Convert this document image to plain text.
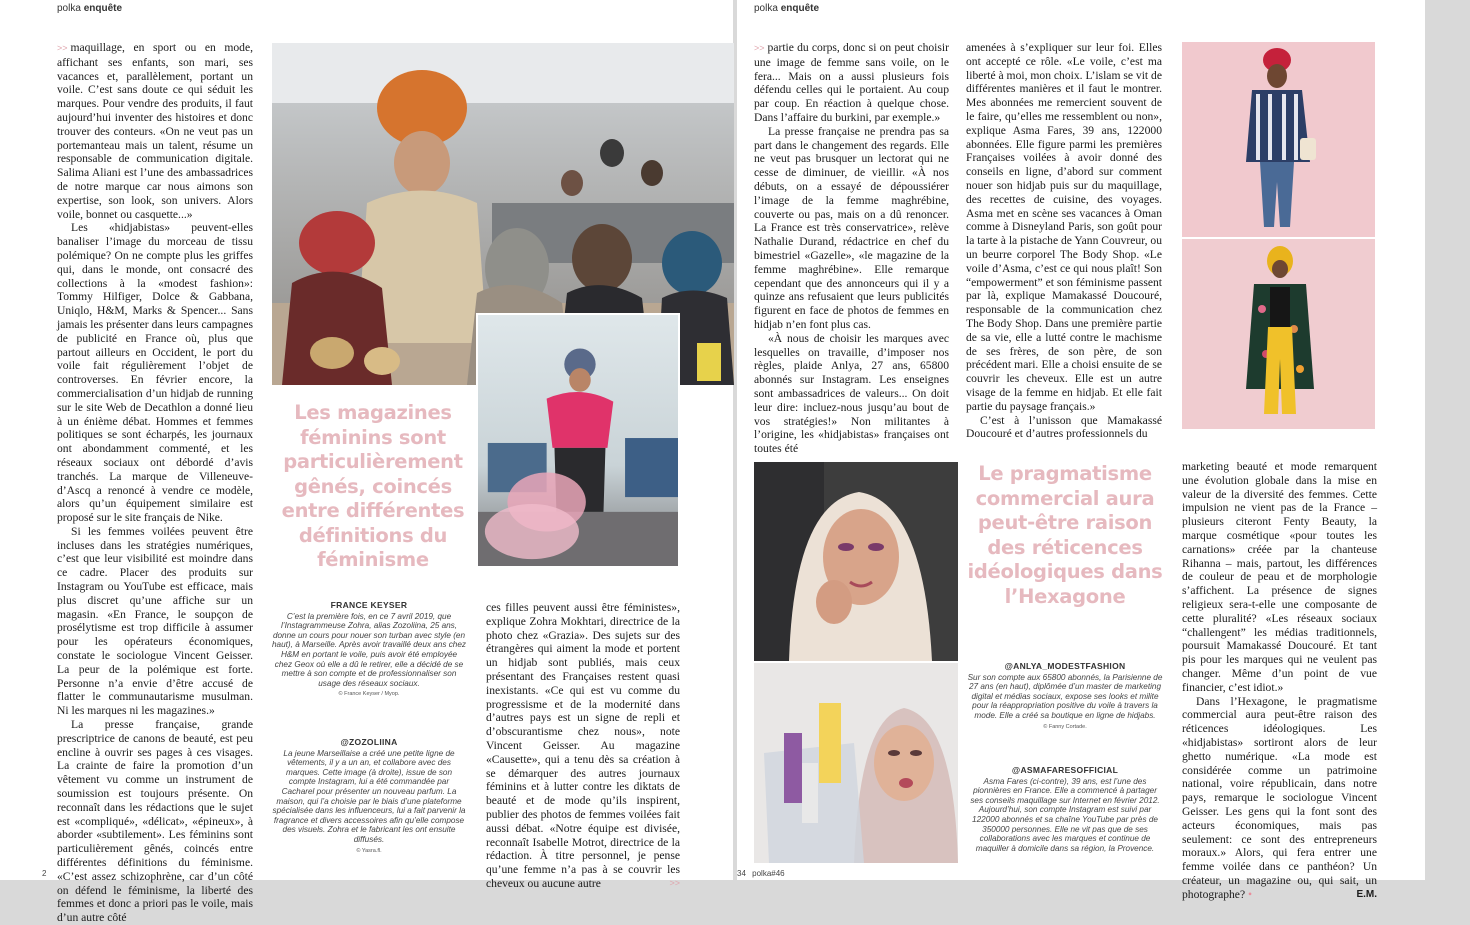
polka enquête

>> maquillage, en sport ou en mode, affichant ses enfants, son mari, ses vacances et, parallèlement, portant un voile. C’est sans doute ce qui séduit les marques. Pour vendre des produits, il faut aujourd’hui inventer des histoires et donc trouver des conteurs. «On ne veut pas un portemanteau mais un talent, résume un responsable de communication digitale. Salima Aliani est l’une des ambassadrices de notre marque car nous aimons son expertise, son look, son univers. Alors voile, bonnet ou casquette...»

Les «hidjabistas» peuvent-elles banaliser l’image du morceau de tissu polémique? On ne compte plus les griffes qui, dans le monde, ont consacré des collections à la «modest fashion»: Tommy Hilfiger, Dolce & Gabbana, Uniqlo, H&M, Marks & Spencer... Sans jamais les présenter dans leurs campagnes de publicité en France où, plus que partout ailleurs en Occident, le port du voile fait régulièrement l’objet de controverses. En février encore, la commercialisation d’un hidjab de running sur le site Web de Decathlon a donné lieu à un énième débat. Hommes et femmes politiques se sont écharpés, les journaux ont abondamment commenté, et les réseaux sociaux ont débordé d’avis tranchés. La marque de Villeneuve-d’Ascq a renoncé à vendre ce modèle, alors qu’un équipement similaire est proposé sur le site français de Nike.

Si les femmes voilées peuvent être incluses dans les stratégies numériques, c’est que leur visibilité est moindre dans ce cadre. Placer des produits sur Instagram ou YouTube est efficace, mais plus discret qu’une affiche sur un magasin. «En France, le soupçon de prosélytisme est trop difficile à assumer pour les opérateurs économiques, constate le sociologue Vincent Geisser. La peur de la polémique est forte. Personne n’a envie d’être accusé de flatter le communautarisme musulman. Ni les marques ni les magazines.»

La presse française, grande prescriptrice de canons de beauté, est peu encline à ouvrir ses pages à ces visages. La crainte de faire la promotion d’un vêtement vu comme un instrument de soumission est toujours présente. On reconnaît dans les rédactions que le sujet est «compliqué», «délicat», «épineux», à aborder «subtilement». Les féminins sont particulièrement gênés, coincés entre différentes définitions du féminisme. «C’est assez schizophrène, car d’un côté on défend le féminisme, la liberté des femmes et donc a priori pas le voile, mais d’un autre côté

Les magazines féminins sont particulièrement gênés, coincés entre différentes définitions du féminisme
FRANCE KEYSER
C’est la première fois, en ce 7 avril 2019, que l’Instagrammeuse Zohra, alias Zozoliina, 25 ans, donne un cours pour nouer son turban avec style (en haut), à Marseille. Après avoir travaillé deux ans chez H&M en portant le voile, puis avoir été employée chez Geox où elle a dû le retirer, elle a décidé de se mettre à son compte et de professionnaliser son usage des réseaux sociaux.
© France Keyser / Myop.
@ZOZOLIINA
La jeune Marseillaise a créé une petite ligne de vêtements, il y a un an, et collabore avec des marques. Cette image (à droite), issue de son compte Instagram, lui a été commandée par Cacharel pour présenter un nouveau parfum. La maison, qui l’a choisie par le biais d’une plateforme spécialisée dans les influenceurs, lui a fait parvenir la fragrance et divers accessoires afin qu’elle compose des visuels. Zohra et le fabricant les ont ensuite diffusés.
© Yasra.fl.

ces filles peuvent aussi être féministes», explique Zohra Mokhtari, directrice de la photo chez «Grazia». Des sujets sur des étrangères qui aiment la mode et portent un hidjab sont publiés, mais ceux présentant des Françaises restent quasi inexistants. «Ce qui est vu comme du progressisme et de la modernité dans d’autres pays est un signe de repli et d’obscurantisme chez nous», note Vincent Geisser. Au magazine «Causette», qui a tenu dès sa création à se démarquer des autres journaux féminins et à lutter contre les diktats de beauté et de mode qu’ils inspirent, publier des photos de femmes voilées fait aussi débat. «Notre équipe est divisée, reconnaît Isabelle Motrot, directrice de la rédaction. À titre personnel, je pense qu’une femme n’a pas à se couvrir les cheveux ou aucune autre	>>

2
polka enquête

>> partie du corps, donc si on peut choisir une image de femme sans voile, on le fera... Mais on a aussi plusieurs fois défendu celles qui le portaient. Au coup par coup. En réaction à quelque chose. Dans l’affaire du burkini, par exemple.»

La presse française ne prendra pas sa part dans le changement des regards. Elle ne veut pas brusquer un lectorat qui ne cesse de diminuer, de vieillir. «À nos débuts, on a essayé de dépoussiérer l’image de la femme maghrébine, couverte ou pas, mais on a dû renoncer. La France est très conservatrice», relève Nathalie Durand, rédactrice en chef du bimestriel «Gazelle», «le magazine de la femme maghrébine». Elle remarque cependant que des annonceurs qui il y a quinze ans refusaient que leurs publicités figurent en face de photos de femmes en hidjab n’en font plus cas.

«À nous de choisir les marques avec lesquelles on travaille, d’imposer nos règles, plaide Anlya, 27 ans, 65800 abonnés sur Instagram. Les enseignes sont ambassadrices de valeurs... On doit leur dire: incluez-nous jusqu’au bout de vos stratégies!» Non militantes à l’origine, les «hidjabistas» françaises ont toutes été

amenées à s’expliquer sur leur foi. Elles ont accepté ce rôle. «Le voile, c’est ma liberté à moi, mon choix. L’islam se vit de différentes manières et il faut le montrer. Mes abonnées me remercient souvent de le faire, qu’elles me ressemblent ou non», explique Asma Fares, 39 ans, 122000 abonnées. Elle figure parmi les premières Françaises voilées à avoir donné des conseils en ligne, d’abord sur comment nouer son hidjab puis sur du maquillage, des recettes de cuisine, des voyages. Asma met en scène ses vacances à Oman comme à Disneyland Paris, son goût pour la tarte à la pistache de Yann Couvreur, ou un beurre corporel The Body Shop. «Le voile d’Asma, c’est ce qui nous plaît! Son “empowerment” et son féminisme passent par là, explique Mamakassé Doucouré, responsable de la communication chez The Body Shop. Dans une première partie de sa vie, elle a lutté contre le machisme de ses frères, de son père, de son précédent mari. Elle a choisi ensuite de se couvrir les cheveux. Elle est un autre visage de la femme en hidjab. Et elle fait partie du paysage français.»

C’est à l’unisson que Mamakassé Doucouré et d’autres professionnels du

Le pragmatisme commercial aura peut-être raison des réticences idéologiques dans l’Hexagone
@ANLYA_MODESTFASHION
Sur son compte aux 65800 abonnés, la Parisienne de 27 ans (en haut), diplômée d’un master de marketing digital et médias sociaux, expose ses looks et milite pour la réappropriation positive du voile à travers la mode. Elle a créé sa boutique en ligne de hidjabs.
© Fanny Cortade.
@ASMAFARESOFFICIAL
Asma Fares (ci-contre), 39 ans, est l’une des pionnières en France. Elle a commencé à partager ses conseils maquillage sur Internet en février 2012. Aujourd’hui, son compte Instagram est suivi par 122000 abonnés et sa chaîne YouTube par près de 350000 personnes. Elle ne vit pas que de ses collaborations avec les marques et continue de maquiller à domicile dans sa région, la Provence.

marketing beauté et mode remarquent une évolution globale dans la mise en valeur de la diversité des femmes. Cette impulsion ne vient pas de la France – plusieurs citeront Fenty Beauty, la marque cosmétique «pour toutes les carnations» créée par la chanteuse Rihanna – mais, partout, les différences de couleur de peau et de morphologie s’affichent. La présence de signes religieux sera-t-elle une composante de cette pluralité? «Les réseaux sociaux “challengent” les médias traditionnels, poursuit Mamakassé Doucouré. Et tant pis pour les marques qui ne veulent pas changer. Même d’un point de vue financier, c’est idiot.»

Dans l’Hexagone, le pragmatisme commercial aura peut-être raison des réticences idéologiques. Les «hidjabistas» sortiront alors de leur ghetto numérique. «La mode est considérée comme un patrimoine national, voire républicain, dans notre pays, remarque le sociologue Vincent Geisser. Les gens qui la font sont des acteurs économiques, mais pas seulement: ce sont des entrepreneurs moraux.» Alors, qui fera entrer une femme voilée dans ce panthéon? Un créateur, un magazine ou, qui sait, un photographe? •	E.M.

34 polka#46
